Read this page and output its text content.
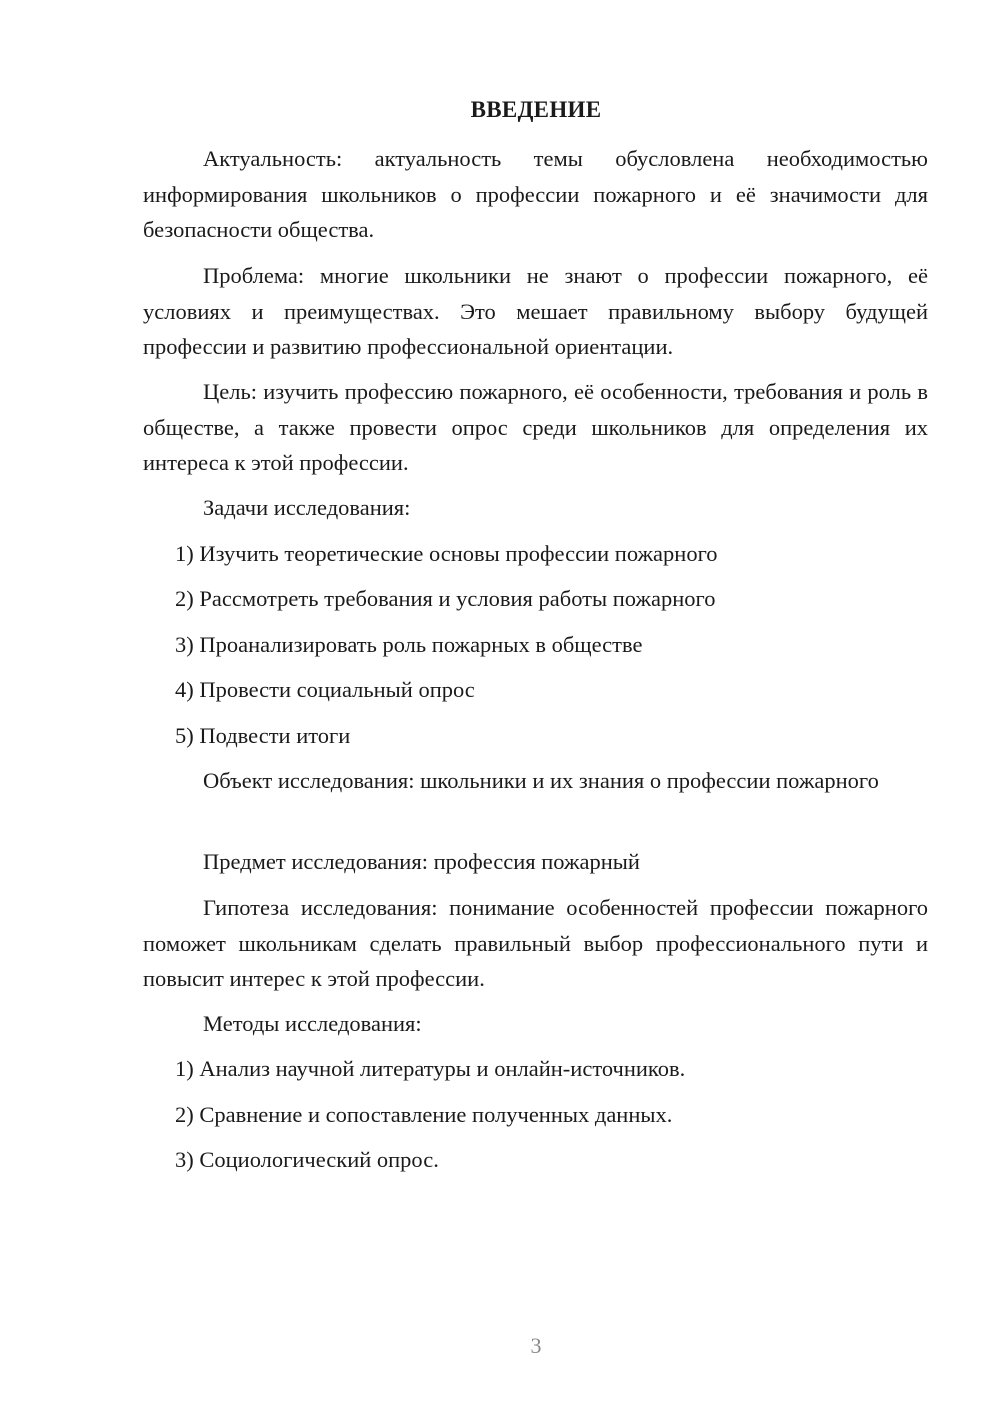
ВВЕДЕНИЕ

Актуальность: актуальность темы обусловлена необходимостью информирования школьников о профессии пожарного и её значимости для безопасности общества.

Проблема: многие школьники не знают о профессии пожарного, её условиях и преимуществах. Это мешает правильному выбору будущей профессии и развитию профессиональной ориентации.

Цель: изучить профессию пожарного, её особенности, требования и роль в обществе, а также провести опрос среди школьников для определения их интереса к этой профессии.

Задачи исследования:

1) Изучить теоретические основы профессии пожарного

2) Рассмотреть требования и условия работы пожарного

3) Проанализировать роль пожарных в обществе

4) Провести социальный опрос

5) Подвести итоги

Объект исследования: школьники и их знания о профессии пожарного

Предмет исследования: профессия пожарный

Гипотеза исследования: понимание особенностей профессии пожарного поможет школьникам сделать правильный выбор профессионального пути и повысит интерес к этой профессии.

Методы исследования:

1) Анализ научной литературы и онлайн-источников.

2) Сравнение и сопоставление полученных данных.

3) Социологический опрос.

3
